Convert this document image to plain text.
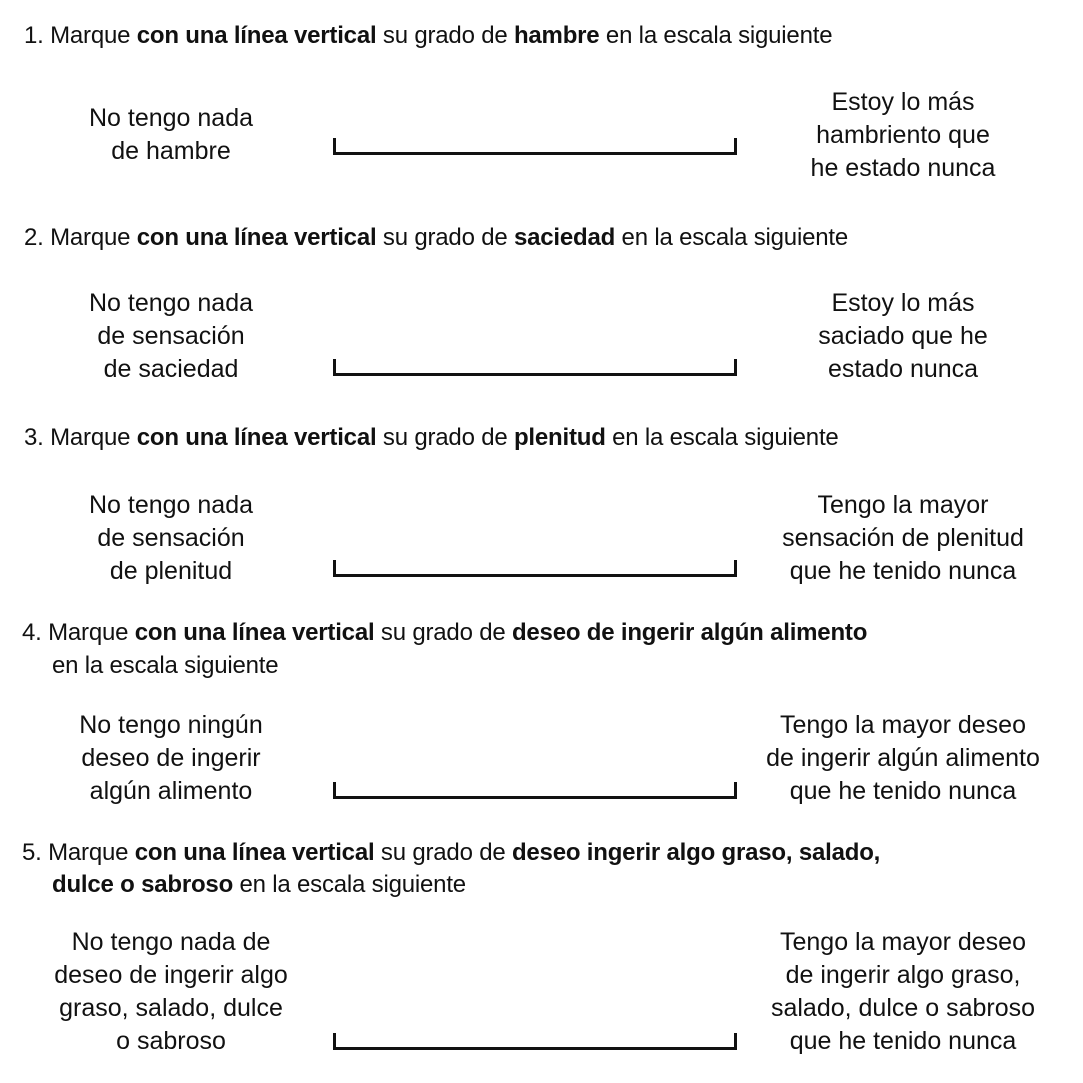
1. Marque con una línea vertical su grado de hambre en la escala siguiente
No tengo nada
de hambre
Estoy lo más
hambriento que
he estado nunca
2. Marque con una línea vertical su grado de saciedad en la escala siguiente
No tengo nada
de sensación
de saciedad
Estoy lo más
saciado que he
estado nunca
3. Marque con una línea vertical su grado de plenitud en la escala siguiente
No tengo nada
de sensación
de plenitud
Tengo la mayor
sensación de plenitud
que he tenido nunca
4. Marque con una línea vertical su grado de deseo de ingerir algún alimento
en la escala siguiente
No tengo ningún
deseo de ingerir
algún alimento
Tengo la mayor deseo
de ingerir algún alimento
que he tenido nunca
5. Marque con una línea vertical su grado de deseo ingerir algo graso, salado,
dulce o sabroso en la escala siguiente
No tengo nada de
deseo de ingerir algo
graso, salado, dulce
o sabroso
Tengo la mayor deseo
de ingerir algo graso,
salado, dulce o sabroso
que he tenido nunca
